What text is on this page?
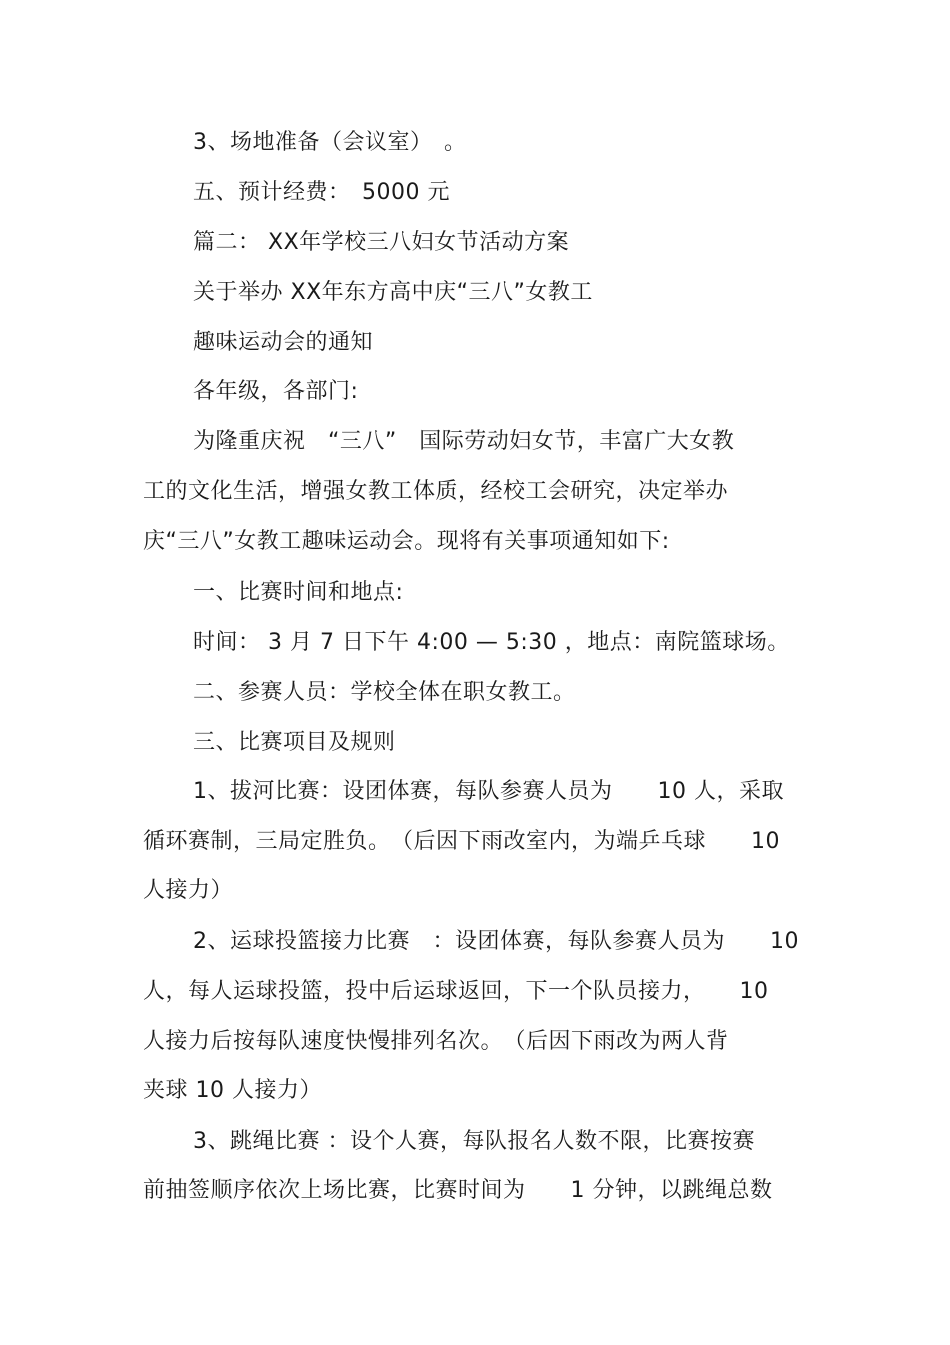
3、场地准备（会议室）　。
五、预计经费：　5000 元
篇二： XX年学校三八妇女节活动方案
关于举办 XX年东方高中庆“三八”女教工
趣味运动会的通知
各年级，各部门:
为隆重庆祝　“三八”　国际劳动妇女节，丰富广大女教
工的文化生活，增强女教工体质，经校工会研究，决定举办
庆“三八”女教工趣味运动会。现将有关事项通知如下:
一、比赛时间和地点:
时间： 3 月 7 日下午 4:00 — 5:30 ，地点：南院篮球场。
二、参赛人员：学校全体在职女教工。
三、比赛项目及规则
1、拔河比赛：设团体赛，每队参赛人员为　　10 人，采取
循环赛制，三局定胜负。　（后因下雨改室内，为端乒乓球　　10
人接力）
2、运球投篮接力比赛　：设团体赛，每队参赛人员为　　10
人，每人运球投篮，投中后运球返回，下一个队员接力，　　10
人接力后按每队速度快慢排列名次。　（后因下雨改为两人背
夹球 10 人接力）
3、跳绳比赛 ：设个人赛，每队报名人数不限，比赛按赛
前抽签顺序依次上场比赛，比赛时间为　　1 分钟，以跳绳总数
